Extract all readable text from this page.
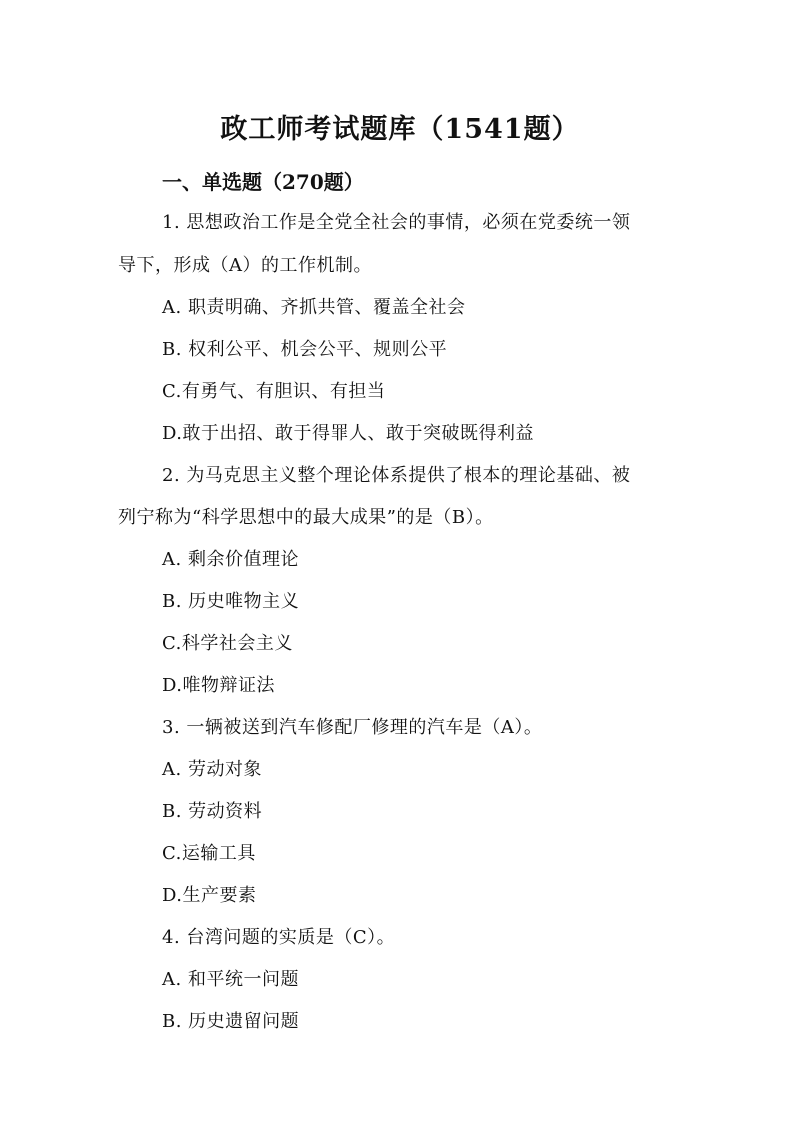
政工师考试题库（1541题）
一、单选题（270题）
1. 思想政治工作是全党全社会的事情，必须在党委统一领
导下，形成（A）的工作机制。
A. 职责明确、齐抓共管、覆盖全社会
B. 权利公平、机会公平、规则公平
C.有勇气、有胆识、有担当
D.敢于出招、敢于得罪人、敢于突破既得利益
2. 为马克思主义整个理论体系提供了根本的理论基础、被
列宁称为“科学思想中的最大成果”的是（B）。
A. 剩余价值理论
B. 历史唯物主义
C.科学社会主义
D.唯物辩证法
3. 一辆被送到汽车修配厂修理的汽车是（A）。
A. 劳动对象
B. 劳动资料
C.运输工具
D.生产要素
4. 台湾问题的实质是（C）。
A. 和平统一问题
B. 历史遗留问题
